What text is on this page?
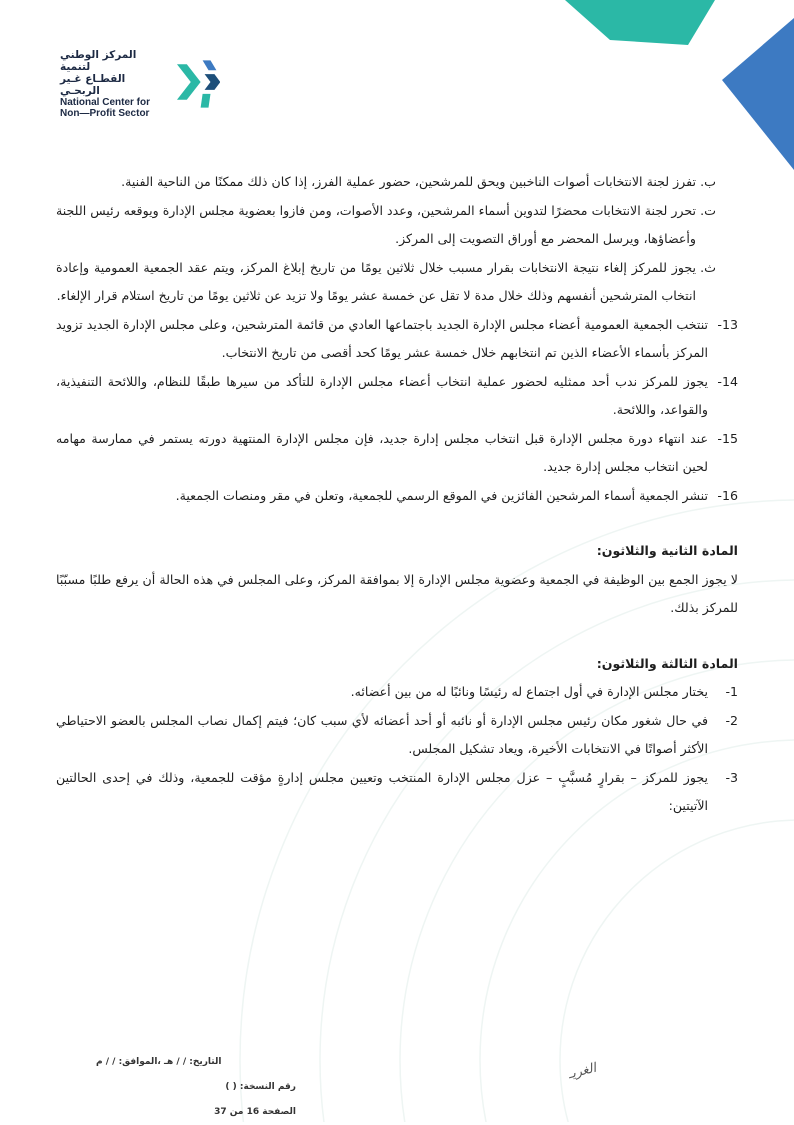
المركز الوطني لتنمية
القطـاع غـير الربحـي
National Center for
Non—Profit Sector
ب.
تفرز لجنة الانتخابات أصوات الناخبين ويحق للمرشحين، حضور عملية الفرز، إذا كان ذلك ممكنًا من الناحية الفنية.
ت.
تحرر لجنة الانتخابات محضرًا لتدوين أسماء المرشحين، وعدد الأصوات، ومن فازوا بعضوية مجلس الإدارة ويوقعه رئيس اللجنة وأعضاؤها، ويرسل المحضر مع أوراق التصويت إلى المركز.
ث.
يجوز للمركز إلغاء نتيجة الانتخابات بقرار مسبب خلال ثلاثين يومًا من تاريخ إبلاغ المركز، ويتم عقد الجمعية العمومية وإعادة انتخاب المترشحين أنفسهم وذلك خلال مدة لا تقل عن خمسة عشر يومًا ولا تزيد عن ثلاثين يومًا من تاريخ استلام قرار الإلغاء.
13-
تنتخب الجمعية العمومية أعضاء مجلس الإدارة الجديد باجتماعها العادي من قائمة المترشحين، وعلى مجلس الإدارة الجديد تزويد المركز بأسماء الأعضاء الذين تم انتخابهم خلال خمسة عشر يومًا كحد أقصى من تاريخ الانتخاب.
14-
يجوز للمركز ندب أحد ممثليه لحضور عملية انتخاب أعضاء مجلس الإدارة للتأكد من سيرها طبقًا للنظام، واللائحة التنفيذية، والقواعد، واللائحة.
15-
عند انتهاء دورة مجلس الإدارة قبل انتخاب مجلس إدارة جديد، فإن مجلس الإدارة المنتهية دورته يستمر في ممارسة مهامه لحين انتخاب مجلس إدارة جديد.
16-
تنشر الجمعية أسماء المرشحين الفائزين في الموقع الرسمي للجمعية، وتعلن في مقر ومنصات الجمعية.
المادة الثانية والثلاثون:

لا يجوز الجمع بين الوظيفة في الجمعية وعضوية مجلس الإدارة إلا بموافقة المركز، وعلى المجلس في هذه الحالة أن يرفع طلبًا مسبّبًا للمركز بذلك.

المادة الثالثة والثلاثون:
1-
يختار مجلس الإدارة في أول اجتماع له رئيسًا ونائبًا له من بين أعضائه.
2-
في حال شغور مكان رئيس مجلس الإدارة أو نائبه أو أحد أعضائه لأي سبب كان؛ فيتم إكمال نصاب المجلس بالعضو الاحتياطي الأكثر أصواتًا في الانتخابات الأخيرة، ويعاد تشكيل المجلس.
3-
يجوز للمركز – بقرارٍ مُسبَّبٍ – عزل مجلس الإدارة المنتخب وتعيين مجلس إدارةٍ مؤقت للجمعية، وذلك في إحدى الحالتين الآتيتين:
التاريخ: / / هـ ،الموافق: / / م
رقم النسخة: ( )
الصفحة 16 من 37
الغريـ
